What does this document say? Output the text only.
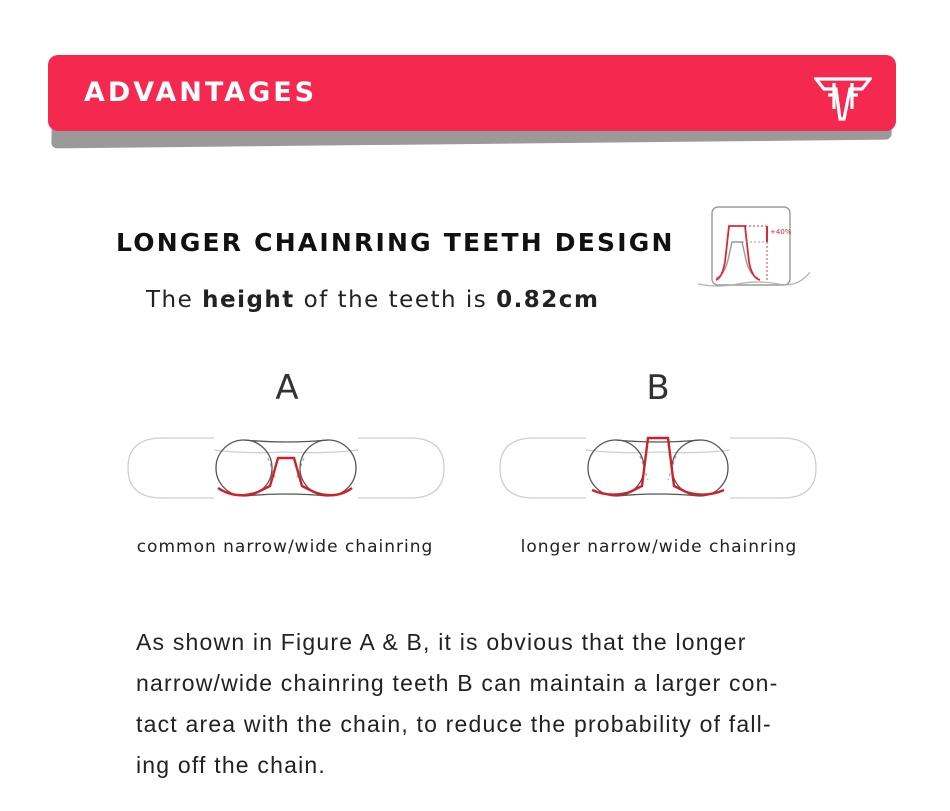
ADVANTAGES
LONGER CHAINRING TEETH DESIGN
The height of the teeth is 0.82cm
+40%
A
common narrow/wide chainring
B
longer narrow/wide chainring
As shown in Figure A & B, it is obvious that the longer
narrow/wide chainring teeth B can maintain a larger con-
tact area with the chain, to reduce the probability of fall-
ing off the chain.
